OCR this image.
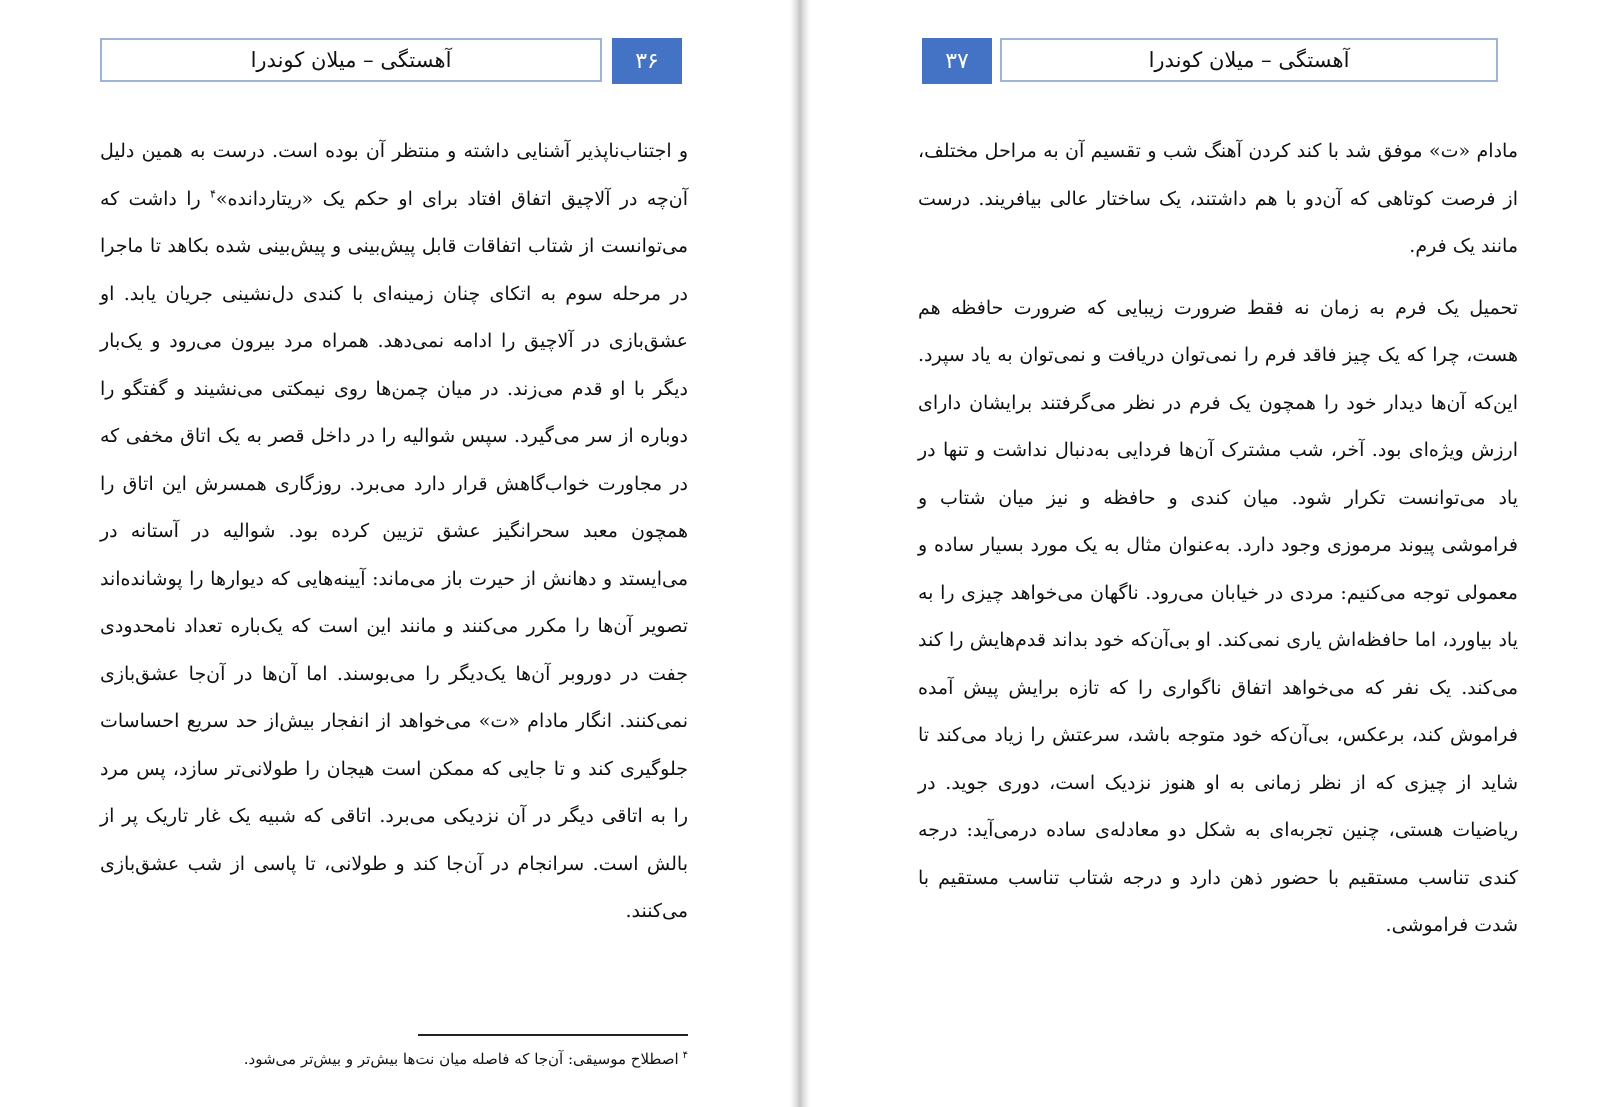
آهستگی – میلان کوندرا	۳۶

و اجتناب‌ناپذیر آشنایی داشته و منتظر آن بوده است. درست به همین دلیل آن‌چه در آلاچیق اتفاق افتاد برای او حکم یک «ریتاردانده»$^۴$ را داشت که می‌توانست از شتاب اتفاقات قابل پیش‌بینی و پیش‌بینی شده بکاهد تا ماجرا در مرحله سوم به اتکای چنان زمینه‌ای با کندی دل‌نشینی جریان یابد. او عشق‌بازی در آلاچیق را ادامه نمی‌دهد. همراه مرد بیرون می‌رود و یک‌بار دیگر با او قدم می‌زند. در میان چمن‌ها روی نیمکتی می‌نشیند و گفتگو را دوباره از سر می‌گیرد. سپس شوالیه را در داخل قصر به یک اتاق مخفی که در مجاورت خواب‌گاهش قرار دارد می‌برد. روزگاری همسرش این اتاق را همچون معبد سحرانگیز عشق تزیین کرده بود. شوالیه در آستانه در می‌ایستد و دهانش از حیرت باز می‌ماند: آیینه‌هایی که دیوارها را پوشانده‌اند تصویر آن‌ها را مکرر می‌کنند و مانند این است که یک‌باره تعداد نامحدودی جفت در دوروبر آن‌ها یک‌دیگر را می‌بوسند. اما آن‌ها در آن‌جا عشق‌بازی نمی‌کنند. انگار مادام «ت» می‌خواهد از انفجار بیش‌از حد سریع احساسات جلوگیری کند و تا جایی که ممکن است هیجان را طولانی‌تر سازد، پس مرد را به اتاقی دیگر در آن نزدیکی می‌برد. اتاقی که شبیه یک غار تاریک پر از بالش است. سرانجام در آن‌جا کند و طولانی، تا پاسی از شب عشق‌بازی می‌کنند.

$^۴$اصطلاح موسیقی: آن‌جا که فاصله میان نت‌ها بیش‌تر و بیش‌تر می‌شود.
۳۷	آهستگی – میلان کوندرا

مادام «ت» موفق شد با کند کردن آهنگ شب و تقسیم آن به مراحل مختلف، از فرصت کوتاهی که آن‌دو با هم داشتند، یک ساختار عالی بیافریند. درست مانند یک فرم.

تحمیل یک فرم به زمان نه فقط ضرورت زیبایی که ضرورت حافظه هم هست، چرا که یک چیز فاقد فرم را نمی‌توان دریافت و نمی‌توان به یاد سپرد. این‌که آن‌ها دیدار خود را همچون یک فرم در نظر می‌گرفتند برایشان دارای ارزش ویژه‌ای بود. آخر، شب مشترک آن‌ها فردایی به‌دنبال نداشت و تنها در یاد می‌توانست تکرار شود. میان کندی و حافظه و نیز میان شتاب و فراموشی پیوند مرموزی وجود دارد. به‌عنوان مثال به یک مورد بسیار ساده و معمولی توجه می‌کنیم: مردی در خیابان می‌رود. ناگهان می‌خواهد چیزی را به یاد بیاورد، اما حافظه‌اش یاری نمی‌کند. او بی‌آن‌که خود بداند قدم‌هایش را کند می‌کند. یک نفر که می‌خواهد اتفاق ناگواری را که تازه برایش پیش آمده فراموش کند، برعکس، بی‌آن‌که خود متوجه باشد، سرعتش را زیاد می‌کند تا شاید از چیزی که از نظر زمانی به او هنوز نزدیک است، دوری جوید. در ریاضیات هستی، چنین تجربه‌ای به شکل دو معادله‌ی ساده درمی‌آید: درجه کندی تناسب مستقیم با حضور ذهن دارد و درجه شتاب تناسب مستقیم با شدت فراموشی.
